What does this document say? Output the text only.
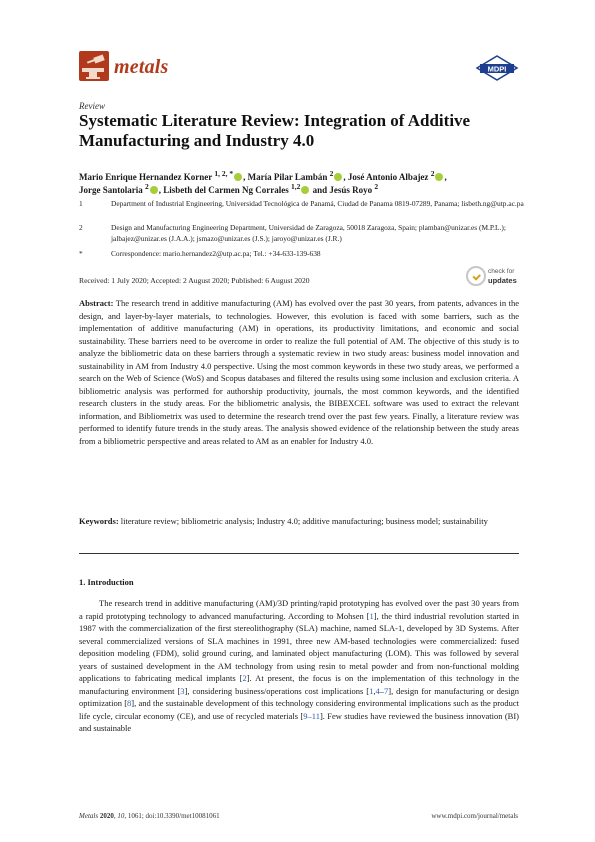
metals	MDPI
Review
Systematic Literature Review: Integration of Additive Manufacturing and Industry 4.0
Mario Enrique Hernandez Korner $^{1, 2, *}$ , María Pilar Lambán $^2$ , José Antonio Albajez $^2$ ,
Jorge Santolaria $^2$ , Lisbeth del Carmen Ng Corrales $^{1,2}$ and Jesús Royo $^2$
1	Department of Industrial Engineering, Universidad Tecnológica de Panamá, Ciudad de Panama 0819-07289, Panama; lisbeth.ng@utp.ac.pa
2	Design and Manufacturing Engineering Department, Universidad de Zaragoza, 50018 Zaragoza, Spain; plamban@unizar.es (M.P.L.); jalbajez@unizar.es (J.A.A.); jsmazo@unizar.es (J.S.); jaroyo@unizar.es (J.R.)
*	Correspondence: mario.hernandez2@utp.ac.pa; Tel.: +34-633-139-638
Received: 1 July 2020; Accepted: 2 August 2020; Published: 6 August 2020
check for
updates
Abstract: The research trend in additive manufacturing (AM) has evolved over the past 30 years, from patents, advances in the design, and layer-by-layer materials, to technologies. However, this evolution is faced with some barriers, such as the implementation of additive manufacturing (AM) in operations, its productivity limitations, and economic and social sustainability. These barriers need to be overcome in order to realize the full potential of AM. The objective of this study is to analyze the bibliometric data on these barriers through a systematic review in two study areas: business model innovation and sustainability in AM from Industry 4.0 perspective. Using the most common keywords in these two study areas, we performed a search on the Web of Science (WoS) and Scopus databases and filtered the results using some inclusion and exclusion criteria. A bibliometric analysis was performed for authorship productivity, journals, the most common keywords, and the identified research clusters in the study areas. For the bibliometric analysis, the BIBEXCEL software was used to extract the relevant information, and Bibliometrix was used to determine the research trend over the past few years. Finally, a literature review was performed to identify future trends in the study areas. The analysis showed evidence of the relationship between the study areas from a bibliometric perspective and areas related to AM as an enabler for Industry 4.0.
Keywords: literature review; bibliometric analysis; Industry 4.0; additive manufacturing; business model; sustainability
1. Introduction
The research trend in additive manufacturing (AM)/3D printing/rapid prototyping has evolved over the past 30 years from a rapid prototyping technology to advanced manufacturing. According to Mohsen [1], the third industrial revolution started in 1987 with the commercialization of the first stereolithography (SLA) machine, named SLA-1, developed by 3D Systems. After several commercialized versions of SLA machines in 1991, three new AM-based technologies were commercialized: fused deposition modeling (FDM), solid ground curing, and laminated object manufacturing (LOM). This was followed by several years of sustained development in the AM technology from using resin to metal powder and from non-functional molding applications to fabricating medical implants [2]. At present, the focus is on the implementation of this technology in the manufacturing environment [3], considering business/operations cost implications [1,4–7], design for manufacturing or design optimization [8], and the sustainable development of this technology considering environmental implications such as the product life cycle, circular economy (CE), and use of recycled materials [9–11]. Few studies have reviewed the business innovation (BI) and sustainable
Metals 2020, 10, 1061; doi:10.3390/met10081061	www.mdpi.com/journal/metals
